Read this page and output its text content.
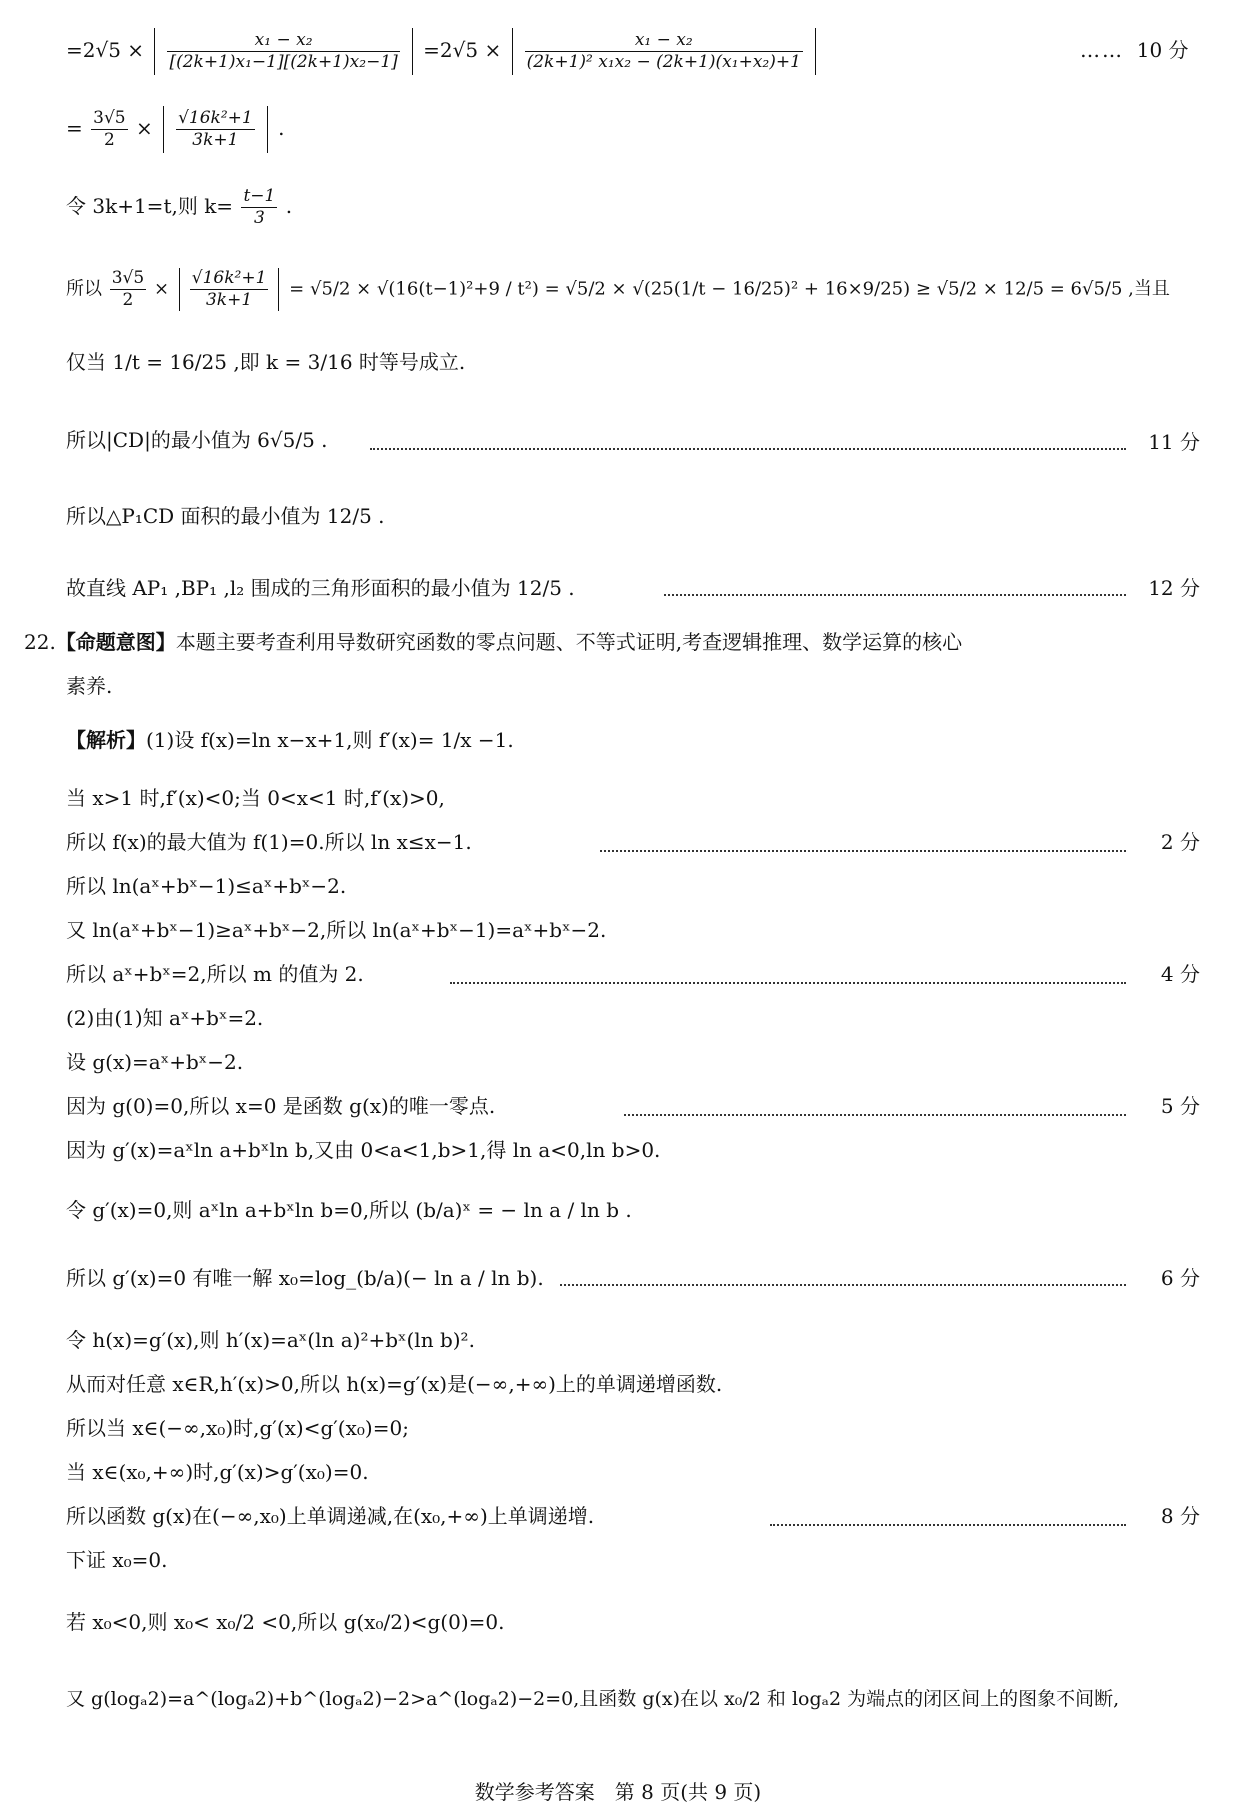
$=2√5 \times \frac{\text{x₁ − x₂}}{\text{[(2k+1)x₁−1][(2k+1)x₂−1]}} =2√5 \times \frac{\text{x₁ − x₂}}{\text{(2k+1)² x₁x₂ − (2k+1)(x₁+x₂)+1}}$	……
10 分
= $\frac{3√5}{2} \times \frac{\text{√16k²+1}}{3k+1}$ .
令 3k+1=t,则 $k= \frac{t-1}{3}$ .
所以 $\frac{3√5}{2} \times \frac{\text{√16k²+1}}{3k+1} = √5/2 \times √(16(t-1)^2+9 / t^2) = √5/2 \times √(25(1/t - 16/25)^2 + 16\times 9/25) \ge √5/2 \times 12/5 = 6√5/5$ ,当且
仅当 1/t = 16/25 ,即 k = 3/16 时等号成立.
所以|CD|的最小值为 6√5/5 .	11 分
所以△P₁CD 面积的最小值为 12/5 .
故直线 AP₁ ,BP₁ ,l₂ 围成的三角形面积的最小值为 12/5 .	12 分
22.【命题意图】本题主要考查利用导数研究函数的零点问题、不等式证明,考查逻辑推理、数学运算的核心
素养.
【解析】(1)设 f(x)=ln x−x+1,则 f′(x)= 1/x −1.
当 x>1 时,f′(x)<0;当 0<x<1 时,f′(x)>0,
所以 f(x)的最大值为 f(1)=0.所以 ln x≤x−1.	2 分
所以 ln(aˣ+bˣ−1)≤aˣ+bˣ−2.
又 ln(aˣ+bˣ−1)≥aˣ+bˣ−2,所以 ln(aˣ+bˣ−1)=aˣ+bˣ−2.
所以 aˣ+bˣ=2,所以 m 的值为 2.	4 分
(2)由(1)知 aˣ+bˣ=2.
设 g(x)=aˣ+bˣ−2.
因为 g(0)=0,所以 x=0 是函数 g(x)的唯一零点.	5 分
因为 g′(x)=aˣln a+bˣln b,又由 0<a<1,b>1,得 ln a<0,ln b>0.
令 g′(x)=0,则 aˣln a+bˣln b=0,所以 (b/a)ˣ = − ln a / ln b .
所以 g′(x)=0 有唯一解 x₀=log_(b/a)(− ln a / ln b).	6 分
令 h(x)=g′(x),则 h′(x)=aˣ(ln a)²+bˣ(ln b)².
从而对任意 x∈R,h′(x)>0,所以 h(x)=g′(x)是(−∞,+∞)上的单调递增函数.
所以当 x∈(−∞,x₀)时,g′(x)<g′(x₀)=0;
当 x∈(x₀,+∞)时,g′(x)>g′(x₀)=0.
所以函数 g(x)在(−∞,x₀)上单调递减,在(x₀,+∞)上单调递增.	8 分
下证 x₀=0.
若 x₀<0,则 x₀< x₀/2 <0,所以 g(x₀/2)<g(0)=0.
又 g(logₐ2)=a^(logₐ2)+b^(logₐ2)−2>a^(logₐ2)−2=0,且函数 g(x)在以 x₀/2 和 logₐ2 为端点的闭区间上的图象不间断,
数学参考答案　第 8 页(共 9 页)
